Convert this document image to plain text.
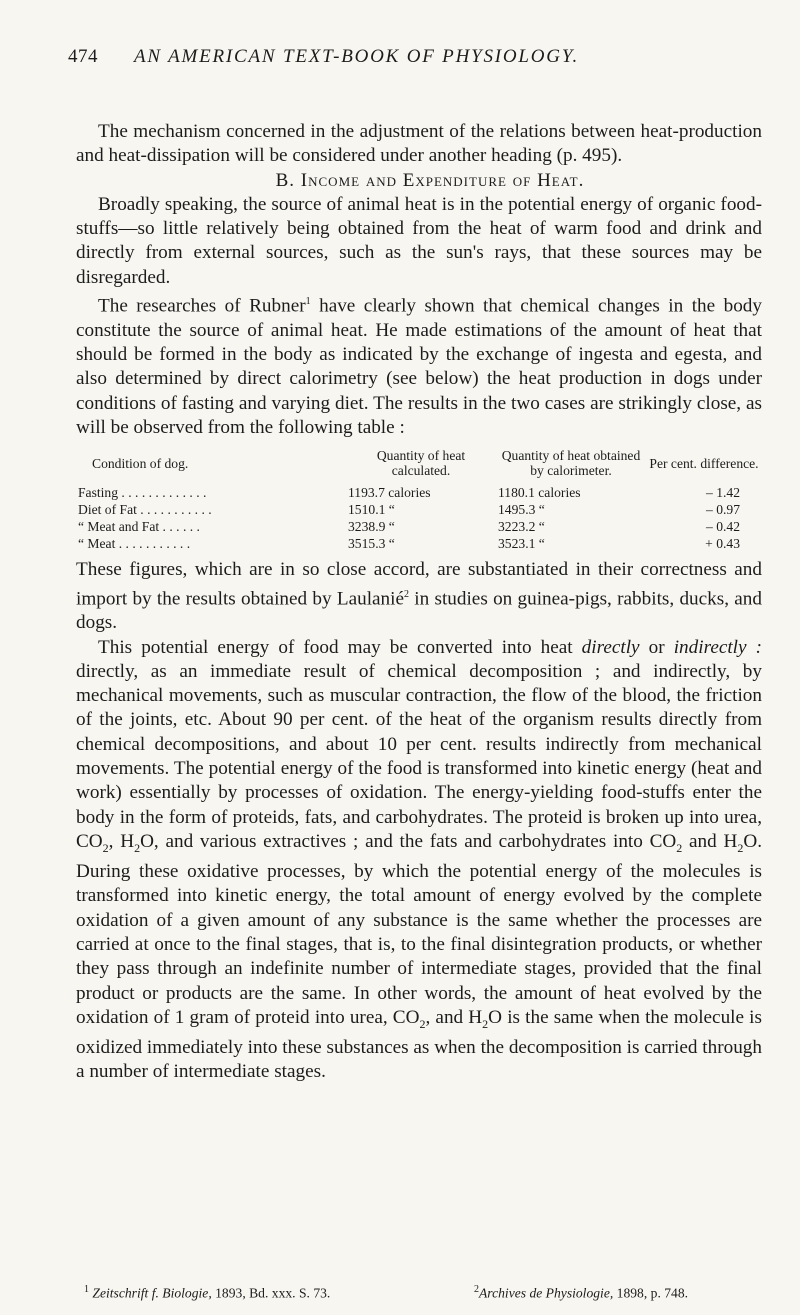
474 AN AMERICAN TEXT-BOOK OF PHYSIOLOGY.

The mechanism concerned in the adjustment of the relations between heat-production and heat-dissipation will be considered under another heading (p. 495).

B. Income and Expenditure of Heat.

Broadly speaking, the source of animal heat is in the potential energy of organic food-stuffs—so little relatively being obtained from the heat of warm food and drink and directly from external sources, such as the sun's rays, that these sources may be disregarded.

The researches of Rubner$^1$ have clearly shown that chemical changes in the body constitute the source of animal heat. He made estimations of the amount of heat that should be formed in the body as indicated by the exchange of ingesta and egesta, and also determined by direct calorimetry (see below) the heat production in dogs under conditions of fasting and varying diet. The results in the two cases are strikingly close, as will be observed from the following table :

Condition of dog.	Quantity of heat calculated.	Quantity of heat obtained by calorimeter.	Per cent. difference.
Fasting . . . . . . . . . . . . .	1193.7 calories	1180.1 calories	– 1.42
Diet of Fat . . . . . . . . . . .	1510.1 “	1495.3 “	– 0.97
“ Meat and Fat . . . . . .	3238.9 “	3223.2 “	– 0.42
“ Meat . . . . . . . . . . .	3515.3 “	3523.1 “	+ 0.43

These figures, which are in so close accord, are substantiated in their correctness and import by the results obtained by Laulanié$^2$ in studies on guinea-pigs, rabbits, ducks, and dogs.

This potential energy of food may be converted into heat directly or indirectly : directly, as an immediate result of chemical decomposition ; and indirectly, by mechanical movements, such as muscular contraction, the flow of the blood, the friction of the joints, etc. About 90 per cent. of the heat of the organism results directly from chemical decompositions, and about 10 per cent. results indirectly from mechanical movements. The potential energy of the food is transformed into kinetic energy (heat and work) essentially by processes of oxidation. The energy-yielding food-stuffs enter the body in the form of proteids, fats, and carbohydrates. The proteid is broken up into urea, $CO_2$, $H_2O$, and various extractives ; and the fats and carbohydrates into $CO_2$ and $H_2O$. During these oxidative processes, by which the potential energy of the molecules is transformed into kinetic energy, the total amount of energy evolved by the complete oxidation of a given amount of any substance is the same whether the processes are carried at once to the final stages, that is, to the final disintegration products, or whether they pass through an indefinite number of intermediate stages, provided that the final product or products are the same. In other words, the amount of heat evolved by the oxidation of 1 gram of proteid into urea, $CO_2$, and $H_2O$ is the same when the molecule is oxidized immediately into these substances as when the decomposition is carried through a number of intermediate stages.

$^1$ Zeitschrift f. Biologie, 1893, Bd. xxx. S. 73.	$^2$Archives de Physiologie, 1898, p. 748.
